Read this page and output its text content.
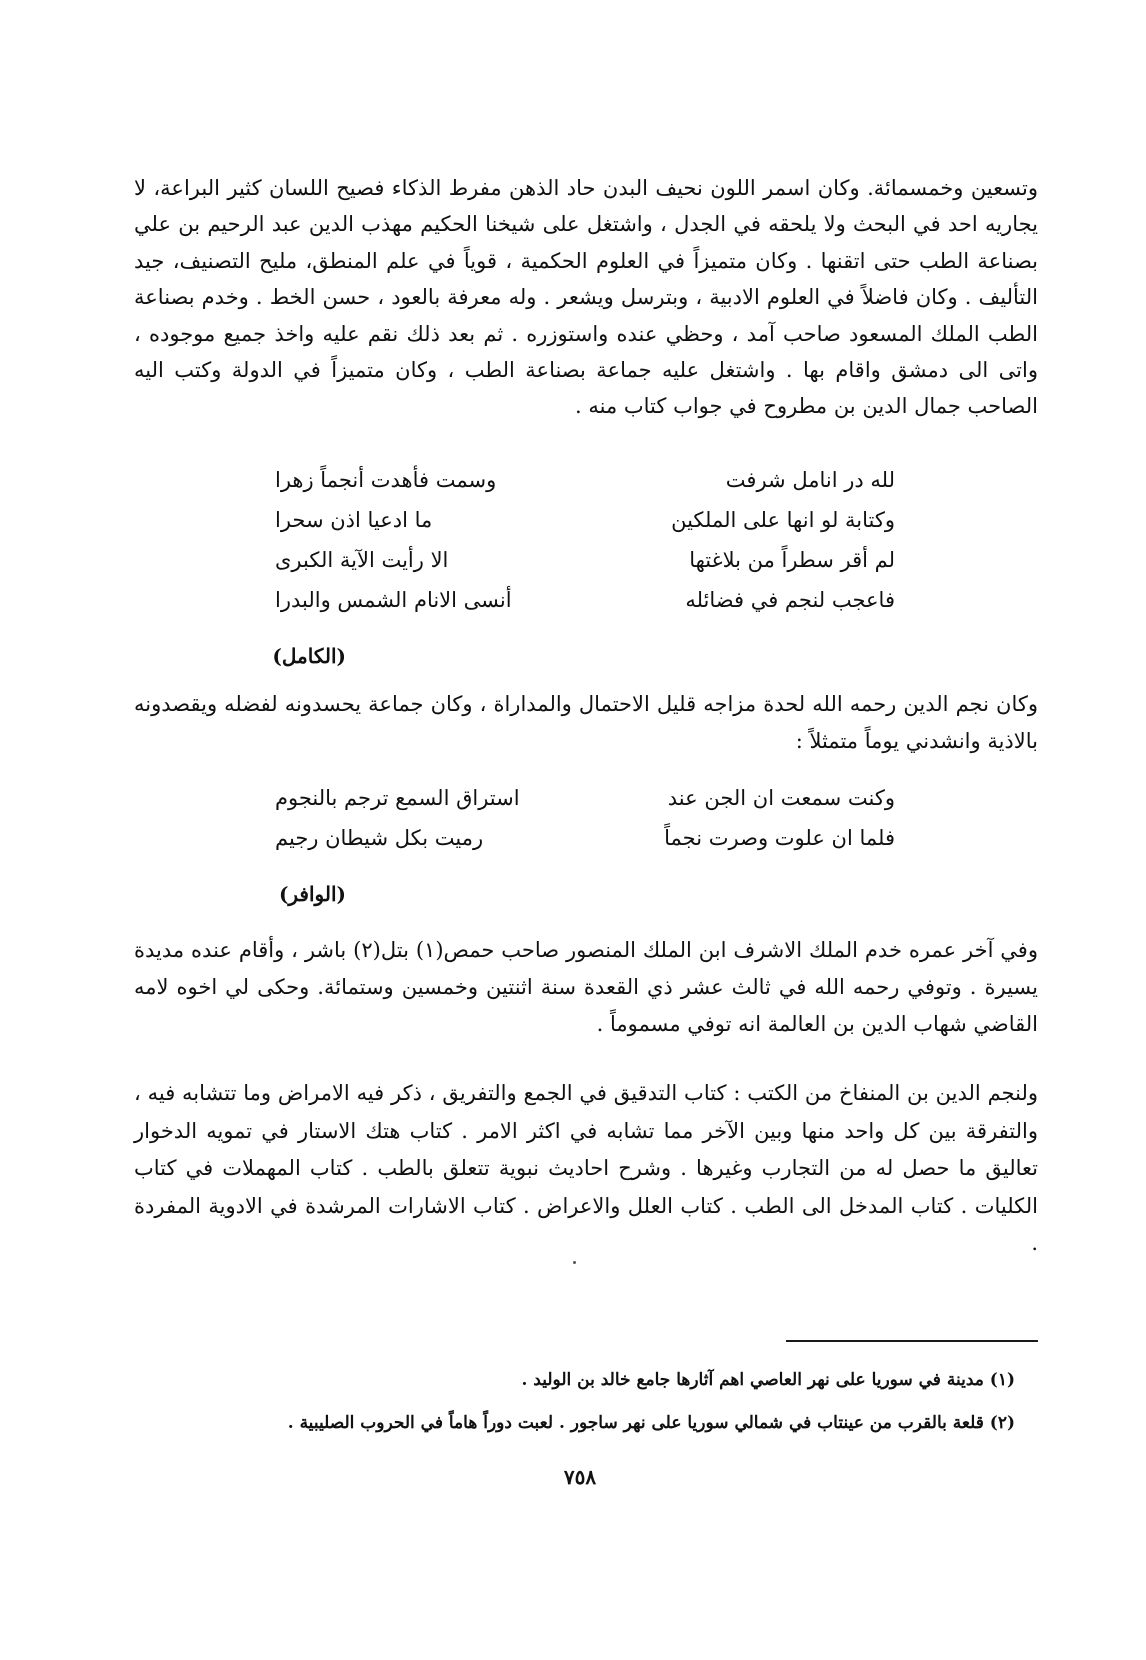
وتسعين وخمسمائة. وكان اسمر اللون نحيف البدن حاد الذهن مفرط الذكاء فصيح اللسان كثير البراعة، لا يجاريه احد في البحث ولا يلحقه في الجدل ، واشتغل على شيخنا الحكيم مهذب الدين عبد الرحيم بن علي بصناعة الطب حتى اتقنها . وكان متميزاً في العلوم الحكمية ، قوياً في علم المنطق، مليح التصنيف، جيد التأليف . وكان فاضلاً في العلوم الادبية ، وبترسل ويشعر . وله معرفة بالعود ، حسن الخط . وخدم بصناعة الطب الملك المسعود صاحب آمد ، وحظي عنده واستوزره . ثم بعد ذلك نقم عليه واخذ جميع موجوده ، واتى الى دمشق واقام بها . واشتغل عليه جماعة بصناعة الطب ، وكان متميزاً في الدولة وكتب اليه الصاحب جمال الدين بن مطروح في جواب كتاب منه .

لله در انامل شرفت
وسمت فأهدت أنجماً زهرا
وكتابة لو انها على الملكين
ما ادعيا اذن سحرا
لم أقر سطراً من بلاغتها
الا رأيت الآية الكبرى
فاعجب لنجم في فضائله
أنسى الانام الشمس والبدرا
(الكامل)

وكان نجم الدين رحمه الله لحدة مزاجه قليل الاحتمال والمداراة ، وكان جماعة يحسدونه لفضله ويقصدونه بالاذية وانشدني يوماً متمثلاً :

وكنت سمعت ان الجن عند
استراق السمع ترجم بالنجوم
فلما ان علوت وصرت نجماً
رميت بكل شيطان رجيم
(الوافر)

وفي آخر عمره خدم الملك الاشرف ابن الملك المنصور صاحب حمص(١) بتل(٢) باشر ، وأقام عنده مديدة يسيرة . وتوفي رحمه الله في ثالث عشر ذي القعدة سنة اثنتين وخمسين وستمائة. وحكى لي اخوه لامه القاضي شهاب الدين بن العالمة انه توفي مسموماً .

ولنجم الدين بن المنفاخ من الكتب : كتاب التدقيق في الجمع والتفريق ، ذكر فيه الامراض وما تتشابه فيه ، والتفرقة بين كل واحد منها وبين الآخر مما تشابه في اكثر الامر . كتاب هتك الاستار في تمويه الدخوار تعاليق ما حصل له من التجارب وغيرها . وشرح احاديث نبوية تتعلق بالطب . كتاب المهملات في كتاب الكليات . كتاب المدخل الى الطب . كتاب العلل والاعراض . كتاب الاشارات المرشدة في الادوية المفردة .

(١) مدينة في سوريا على نهر العاصي اهم آثارها جامع خالد بن الوليد .
(٢) قلعة بالقرب من عينتاب في شمالي سوريا على نهر ساجور . لعبت دوراً هاماً في الحروب الصليبية .
٧٥٨
